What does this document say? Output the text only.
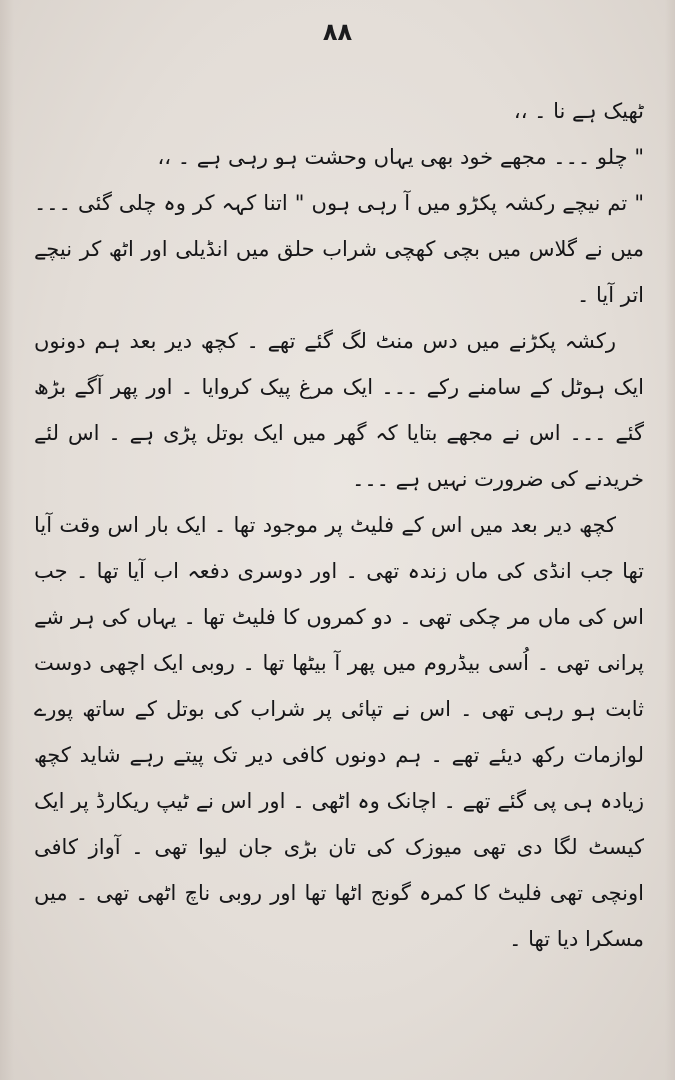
۸۸

ٹھیک ہے نا ۔ ،،

" چلو ۔۔۔ مجھے خود بھی یہاں وحشت ہو رہی ہے ۔ ،،

" تم نیچے رکشہ پکڑو میں آ رہی ہوں " اتنا کہہ کر وہ چلی گئی ۔۔۔ میں نے گلاس میں بچی کھچی شراب حلق میں انڈیلی اور اٹھ کر نیچے اتر آیا ۔

رکشہ پکڑنے میں دس منٹ لگ گئے تھے ۔ کچھ دیر بعد ہم دونوں ایک ہوٹل کے سامنے رکے ۔۔۔ ایک مرغ پیک کروایا ۔ اور پھر آگے بڑھ گئے ۔۔۔ اس نے مجھے بتایا کہ گھر میں ایک بوتل پڑی ہے ۔ اس لئے خریدنے کی ضرورت نہیں ہے ۔۔۔

کچھ دیر بعد میں اس کے فلیٹ پر موجود تھا ۔ ایک بار اس وقت آیا تھا جب انڈی کی ماں زندہ تھی ۔ اور دوسری دفعہ اب آیا تھا ۔ جب اس کی ماں مر چکی تھی ۔ دو کمروں کا فلیٹ تھا ۔ یہاں کی ہر شے پرانی تھی ۔ اُسی بیڈروم میں پھر آ بیٹھا تھا ۔ روبی ایک اچھی دوست ثابت ہو رہی تھی ۔ اس نے تپائی پر شراب کی بوتل کے ساتھ پورے لوازمات رکھ دیئے تھے ۔ ہم دونوں کافی دیر تک پیتے رہے شاید کچھ زیادہ ہی پی گئے تھے ۔ اچانک وہ اٹھی ۔ اور اس نے ٹیپ ریکارڈ پر ایک کیسٹ لگا دی تھی میوزک کی تان بڑی جان لیوا تھی ۔ آواز کافی اونچی تھی فلیٹ کا کمرہ گونج اٹھا تھا اور روبی ناچ اٹھی تھی ۔ میں مسکرا دیا تھا ۔
